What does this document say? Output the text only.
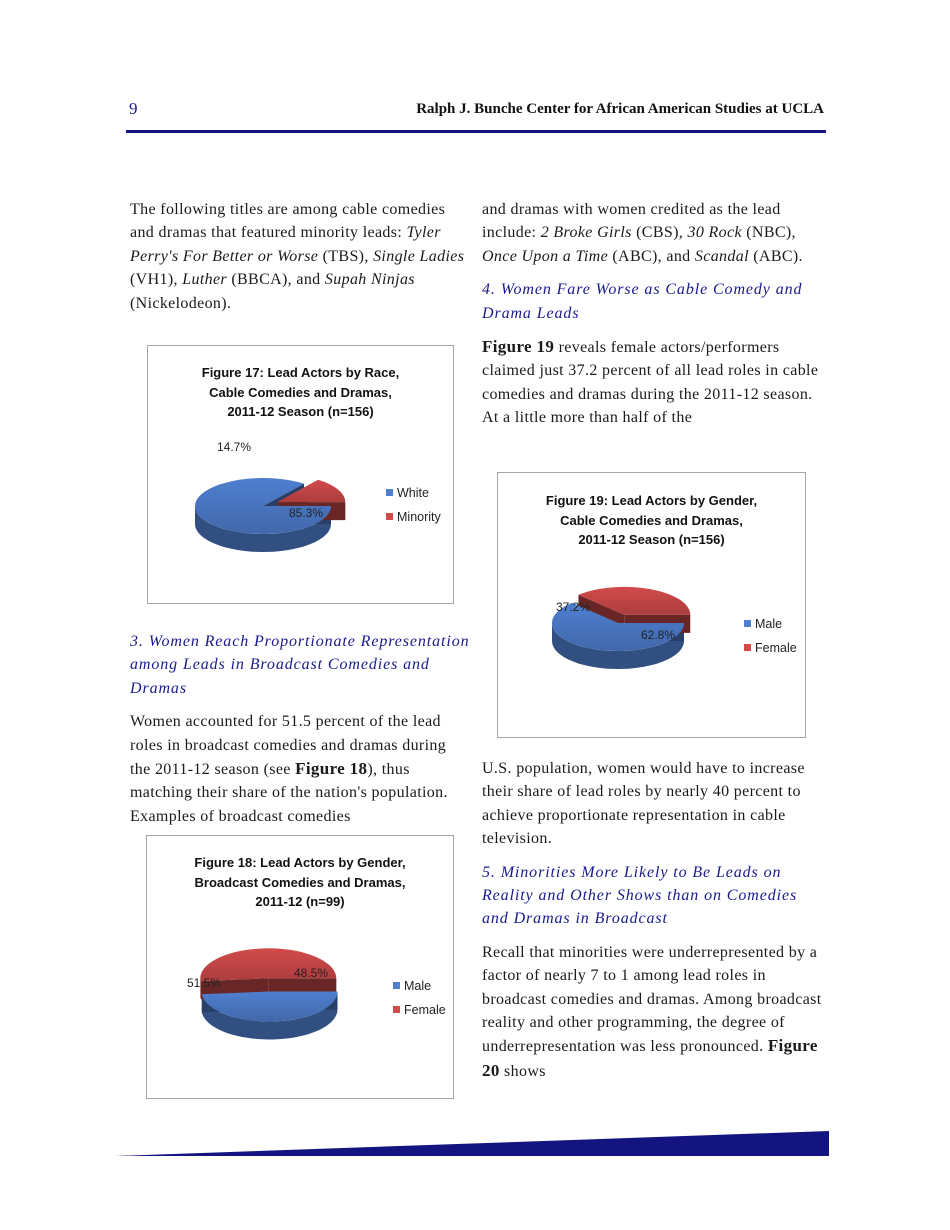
9	Ralph J. Bunche Center for African American Studies at UCLA

The following titles are among cable comedies and dramas that featured minority leads: Tyler Perry's For Better or Worse (TBS), Single Ladies (VH1), Luther (BBCA), and Supah Ninjas (Nickelodeon).

3. Women Reach Proportionate Representation among Leads in Broadcast Comedies and Dramas

Women accounted for 51.5 percent of the lead roles in broadcast comedies and dramas during the 2011-12 season (see Figure 18), thus matching their share of the nation's population. Examples of broadcast comedies

and dramas with women credited as the lead include: 2 Broke Girls (CBS), 30 Rock (NBC), Once Upon a Time (ABC), and Scandal (ABC).

4. Women Fare Worse as Cable Comedy and Drama Leads

Figure 19 reveals female actors/performers claimed just 37.2 percent of all lead roles in cable comedies and dramas during the 2011-12 season. At a little more than half of the

U.S. population, women would have to increase their share of lead roles by nearly 40 percent to achieve proportionate representation in cable television.

5. Minorities More Likely to Be Leads on Reality and Other Shows than on Comedies and Dramas in Broadcast

Recall that minorities were underrepresented by a factor of nearly 7 to 1 among lead roles in broadcast comedies and dramas. Among broadcast reality and other programming, the degree of underrepresentation was less pronounced. Figure 20 shows

Figure 17: Lead Actors by Race,
Cable Comedies and Dramas,
2011-12 Season (n=156)
85.3%
14.7%
White
Minority
Figure 18: Lead Actors by Gender,
Broadcast Comedies and Dramas,
2011-12 (n=99)
48.5%
51.5%	Male
Female
Figure 19: Lead Actors by Gender,
Cable Comedies and Dramas,
2011-12 Season (n=156)
62.8%
37.2%
Male
Female
